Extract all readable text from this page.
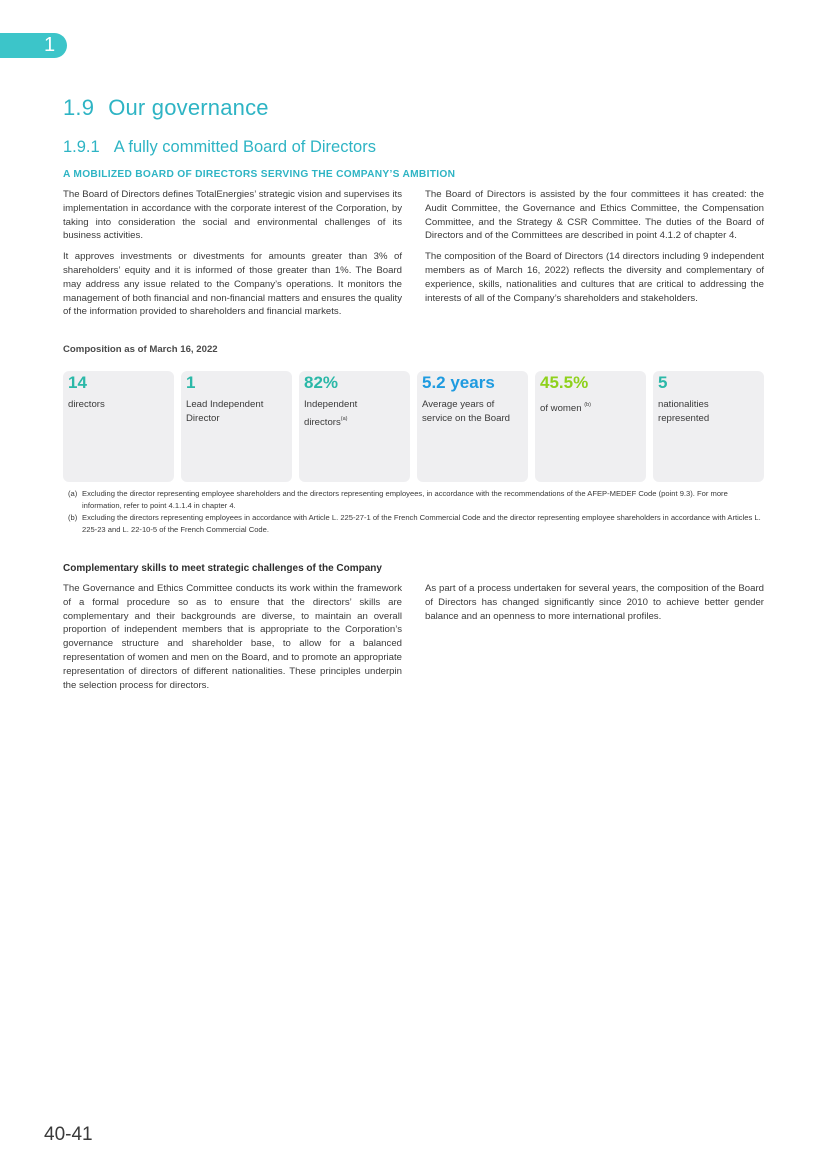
1
1.9 Our governance
1.9.1 A fully committed Board of Directors
A MOBILIZED BOARD OF DIRECTORS SERVING THE COMPANY’S AMBITION

The Board of Directors defines TotalEnergies’ strategic vision and supervises its implementation in accordance with the corporate interest of the Corporation, by taking into consideration the social and environmental challenges of its business activities.

It approves investments or divestments for amounts greater than 3% of shareholders’ equity and it is informed of those greater than 1%. The Board may address any issue related to the Company’s operations. It monitors the management of both financial and non-financial matters and ensures the quality of the information provided to shareholders and financial markets.

The Board of Directors is assisted by the four committees it has created: the Audit Committee, the Governance and Ethics Committee, the Compensation Committee, and the Strategy & CSR Committee. The duties of the Board of Directors and of the Committees are described in point 4.1.2 of chapter 4.

The composition of the Board of Directors (14 directors including 9 independent members as of March 16, 2022) reflects the diversity and complementary of experience, skills, nationalities and cultures that are critical to addressing the interests of all of the Company’s shareholders and stakeholders.

Composition as of March 16, 2022
14
directors
1
Lead Independent Director
82%
Independent directors$^{(a)}$
5.2 years
Average years of service on the Board
45.5%
of women $^{(b)}$
5
nationalities represented
(a) Excluding the director representing employee shareholders and the directors representing employees, in accordance with the recommendations of the AFEP-MEDEF Code (point 9.3). For more information, refer to point 4.1.1.4 in chapter 4.
(b) Excluding the directors representing employees in accordance with Article L. 225-27-1 of the French Commercial Code and the director representing employee shareholders in accordance with Articles L. 225-23 and L. 22-10-5 of the French Commercial Code.
Complementary skills to meet strategic challenges of the Company

The Governance and Ethics Committee conducts its work within the framework of a formal procedure so as to ensure that the directors’ skills are complementary and their backgrounds are diverse, to maintain an overall proportion of independent members that is appropriate to the Corporation’s governance structure and shareholder base, to allow for a balanced representation of women and men on the Board, and to promote an appropriate representation of directors of different nationalities. These principles underpin the selection process for directors.

As part of a process undertaken for several years, the composition of the Board of Directors has changed significantly since 2010 to achieve better gender balance and an openness to more international profiles.

40-41
